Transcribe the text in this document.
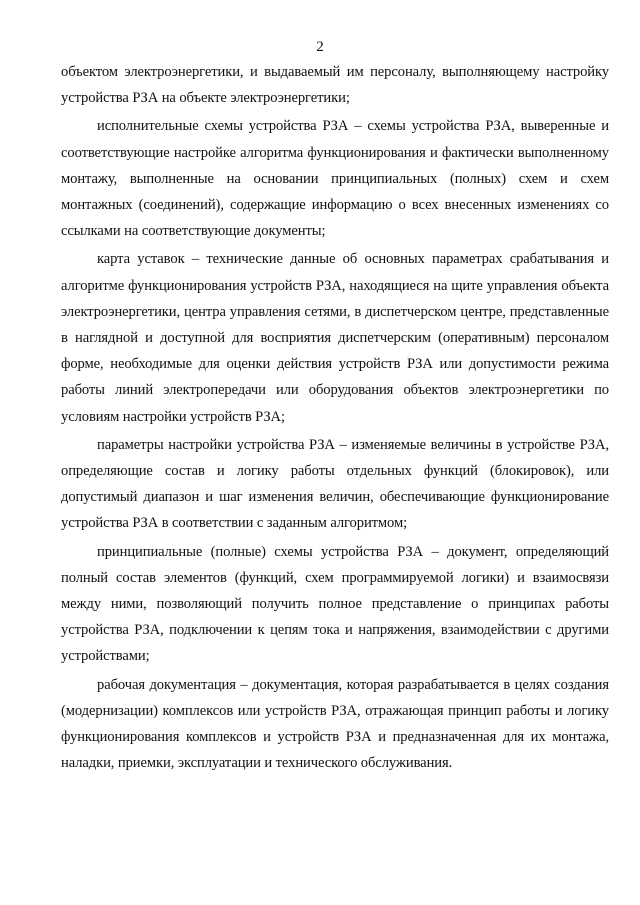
2

объектом электроэнергетики, и выдаваемый им персоналу, выполняющему настройку устройства РЗА на объекте электроэнергетики;

исполнительные схемы устройства РЗА – схемы устройства РЗА, выверенные и соответствующие настройке алгоритма функционирования и фактически выполненному монтажу, выполненные на основании принципиальных (полных) схем и схем монтажных (соединений), содержащие информацию о всех внесенных изменениях со ссылками на соответствующие документы;

карта уставок – технические данные об основных параметрах срабатывания и алгоритме функционирования устройств РЗА, находящиеся на щите управления объекта электроэнергетики, центра управления сетями, в диспетчерском центре, представленные в наглядной и доступной для восприятия диспетчерским (оперативным) персоналом форме, необходимые для оценки действия устройств РЗА или допустимости режима работы линий электропередачи или оборудования объектов электроэнергетики по условиям настройки устройств РЗА;

параметры настройки устройства РЗА – изменяемые величины в устройстве РЗА, определяющие состав и логику работы отдельных функций (блокировок), или допустимый диапазон и шаг изменения величин, обеспечивающие функционирование устройства РЗА в соответствии с заданным алгоритмом;

принципиальные (полные) схемы устройства РЗА – документ, определяющий полный состав элементов (функций, схем программируемой логики) и взаимосвязи между ними, позволяющий получить полное представление о принципах работы устройства РЗА, подключении к цепям тока и напряжения, взаимодействии с другими устройствами;

рабочая документация – документация, которая разрабатывается в целях создания (модернизации) комплексов или устройств РЗА, отражающая принцип работы и логику функционирования комплексов и устройств РЗА и предназначенная для их монтажа, наладки, приемки, эксплуатации и технического обслуживания.
